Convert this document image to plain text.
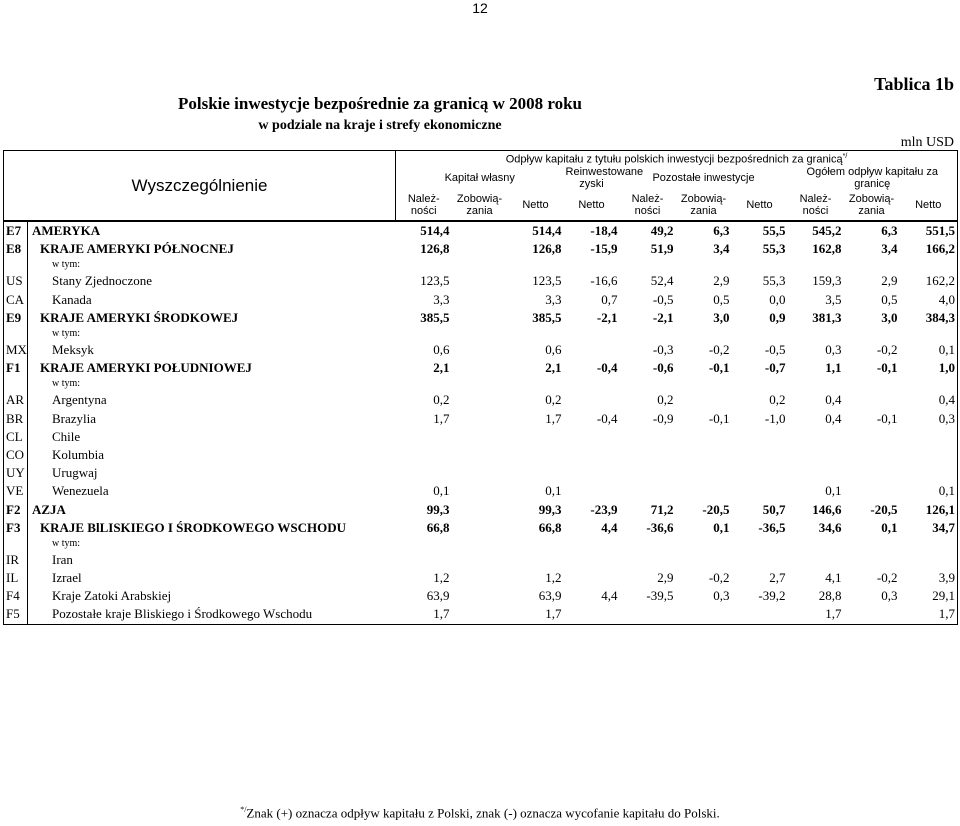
12
Tablica 1b
Polskie inwestycje bezpośrednie za granicą w 2008 roku
w podziale na kraje i strefy ekonomiczne
mln USD
Wyszczególnienie		Odpływ kapitału z tytułu polskich inwestycji bezpośrednich za granicą*/
		Kapitał własny			Reinwestowane zyski	Pozostałe inwestycje			Ogółem odpływ kapitału za granicę		
		Należ- ności	Zobowią- zania	Netto	Netto	Należ- ności	Zobowią- zania	Netto	Należ- ności	Zobowią- zania	Netto
E7	AMERYKA	514,4		514,4	-18,4	49,2	6,3	55,5	545,2	6,3	551,5
E8	KRAJE AMERYKI PÓŁNOCNEJ	126,8		126,8	-15,9	51,9	3,4	55,3	162,8	3,4	166,2
	w tym:										
US	Stany Zjednoczone	123,5		123,5	-16,6	52,4	2,9	55,3	159,3	2,9	162,2
CA	Kanada	3,3		3,3	0,7	-0,5	0,5	0,0	3,5	0,5	4,0
E9	KRAJE AMERYKI ŚRODKOWEJ	385,5		385,5	-2,1	-2,1	3,0	0,9	381,3	3,0	384,3
	w tym:										
MX	Meksyk	0,6		0,6		-0,3	-0,2	-0,5	0,3	-0,2	0,1
F1	KRAJE AMERYKI POŁUDNIOWEJ	2,1		2,1	-0,4	-0,6	-0,1	-0,7	1,1	-0,1	1,0
	w tym:										
AR	Argentyna	0,2		0,2		0,2		0,2	0,4		0,4
BR	Brazylia	1,7		1,7	-0,4	-0,9	-0,1	-1,0	0,4	-0,1	0,3
CL	Chile										
CO	Kolumbia										
UY	Urugwaj										
VE	Wenezuela	0,1		0,1					0,1		0,1
F2	AZJA	99,3		99,3	-23,9	71,2	-20,5	50,7	146,6	-20,5	126,1
F3	KRAJE BlLISKIEGO I ŚRODKOWEGO WSCHODU	66,8		66,8	4,4	-36,6	0,1	-36,5	34,6	0,1	34,7
	w tym:										
IR	Iran										
IL	Izrael	1,2		1,2		2,9	-0,2	2,7	4,1	-0,2	3,9
F4	Kraje Zatoki Arabskiej	63,9		63,9	4,4	-39,5	0,3	-39,2	28,8	0,3	29,1
F5	Pozostałe kraje Bliskiego i Środkowego Wschodu	1,7		1,7					1,7		1,7
*/Znak (+) oznacza odpływ kapitału z Polski, znak (-) oznacza wycofanie kapitału do Polski.
